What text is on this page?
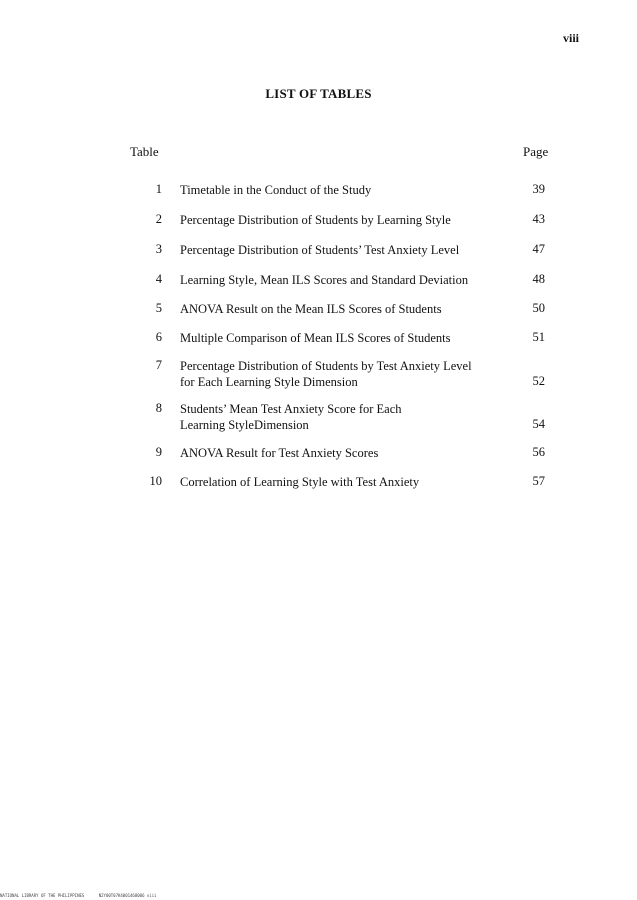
viii
LIST OF TABLES
Table	Page
1 Timetable in the Conduct of the Study	39
2 Percentage Distribution of Students by Learning Style	43
3 Percentage Distribution of Students’ Test Anxiety Level	47
4 Learning Style, Mean ILS Scores and Standard Deviation	48
5 ANOVA Result on the Mean ILS Scores of Students	50
6 Multiple Comparison of Mean ILS Scores of Students	51
7 Percentage Distribution of Students by Test Anxiety Level
for Each Learning Style Dimension	52
8 Students’ Mean Test Anxiety Score for Each
Learning StyleDimension	54
9 ANOVA Result for Test Anxiety Scores	56
10 Correlation of Learning Style with Test Anxiety	57
NATIONAL LIBRARY OF THE PHILIPPINES	N2Y00T07K4001468006 viii
